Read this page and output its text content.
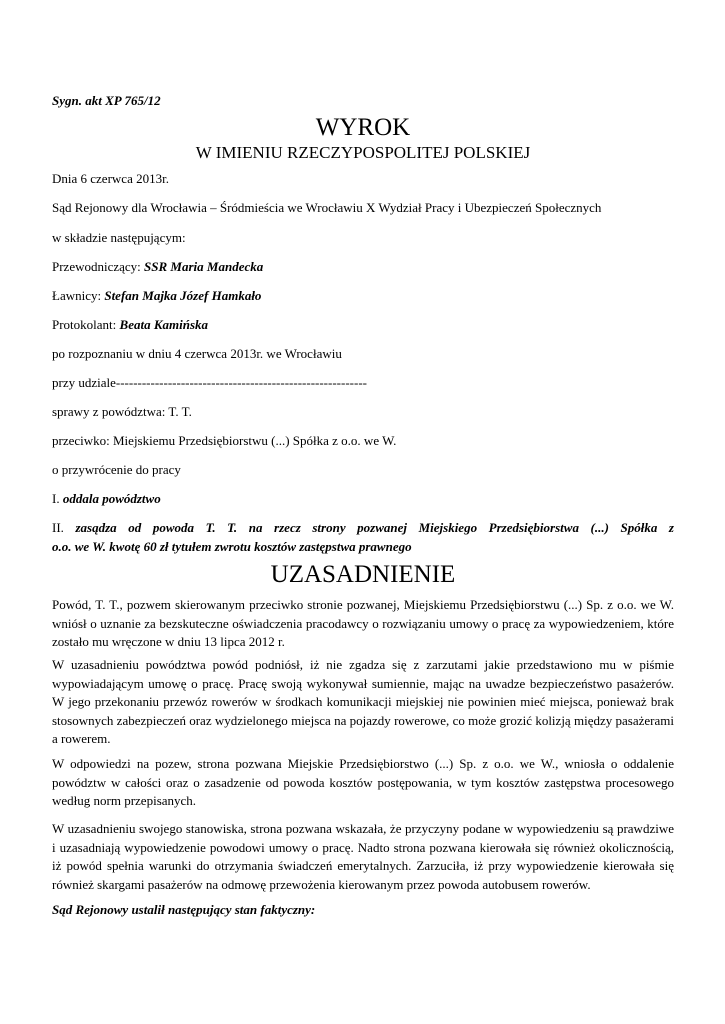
Sygn. akt XP 765/12
WYROK
W IMIENIU RZECZYPOSPOLITEJ POLSKIEJ
Dnia 6 czerwca 2013r.
Sąd Rejonowy dla Wrocławia – Śródmieścia we Wrocławiu X Wydział Pracy i Ubezpieczeń Społecznych
w składzie następującym:
Przewodniczący: SSR Maria Mandecka
Ławnicy: Stefan Majka Józef Hamkało
Protokolant: Beata Kamińska
po rozpoznaniu w dniu 4 czerwca 2013r. we Wrocławiu
przy udziale----------------------------------------------------------
sprawy z powództwa: T. T.
przeciwko: Miejskiemu Przedsiębiorstwu (...) Spółka z o.o. we W.
o przywrócenie do pracy
I. oddala powództwo
II. zasądza od powoda T. T. na rzecz strony pozwanej Miejskiego Przedsiębiorstwa (...) Spółka z
o.o. we W. kwotę 60 zł tytułem zwrotu kosztów zastępstwa prawnego
UZASADNIENIE
Powód, T. T., pozwem skierowanym przeciwko stronie pozwanej, Miejskiemu Przedsiębiorstwu (...) Sp. z o.o. we W.
wniósł o uznanie za bezskuteczne oświadczenia pracodawcy o rozwiązaniu umowy o pracę za wypowiedzeniem, które
zostało mu wręczone w dniu 13 lipca 2012 r.
W uzasadnieniu powództwa powód podniósł, iż nie zgadza się z zarzutami jakie przedstawiono mu w piśmie
wypowiadającym umowę o pracę. Pracę swoją wykonywał sumiennie, mając na uwadze bezpieczeństwo pasażerów.
W jego przekonaniu przewóz rowerów w środkach komunikacji miejskiej nie powinien mieć miejsca, ponieważ brak
stosownych zabezpieczeń oraz wydzielonego miejsca na pojazdy rowerowe, co może grozić kolizją między pasażerami
a rowerem.
W odpowiedzi na pozew, strona pozwana Miejskie Przedsiębiorstwo (...) Sp. z o.o. we W., wniosła o oddalenie
powództw w całości oraz o zasadzenie od powoda kosztów postępowania, w tym kosztów zastępstwa procesowego
według norm przepisanych.
W uzasadnieniu swojego stanowiska, strona pozwana wskazała, że przyczyny podane w wypowiedzeniu są prawdziwe
i uzasadniają wypowiedzenie powodowi umowy o pracę. Nadto strona pozwana kierowała się również okolicznością,
iż powód spełnia warunki do otrzymania świadczeń emerytalnych. Zarzuciła, iż przy wypowiedzenie kierowała się
również skargami pasażerów na odmowę przewożenia kierowanym przez powoda autobusem rowerów.
Sąd Rejonowy ustalił następujący stan faktyczny:
